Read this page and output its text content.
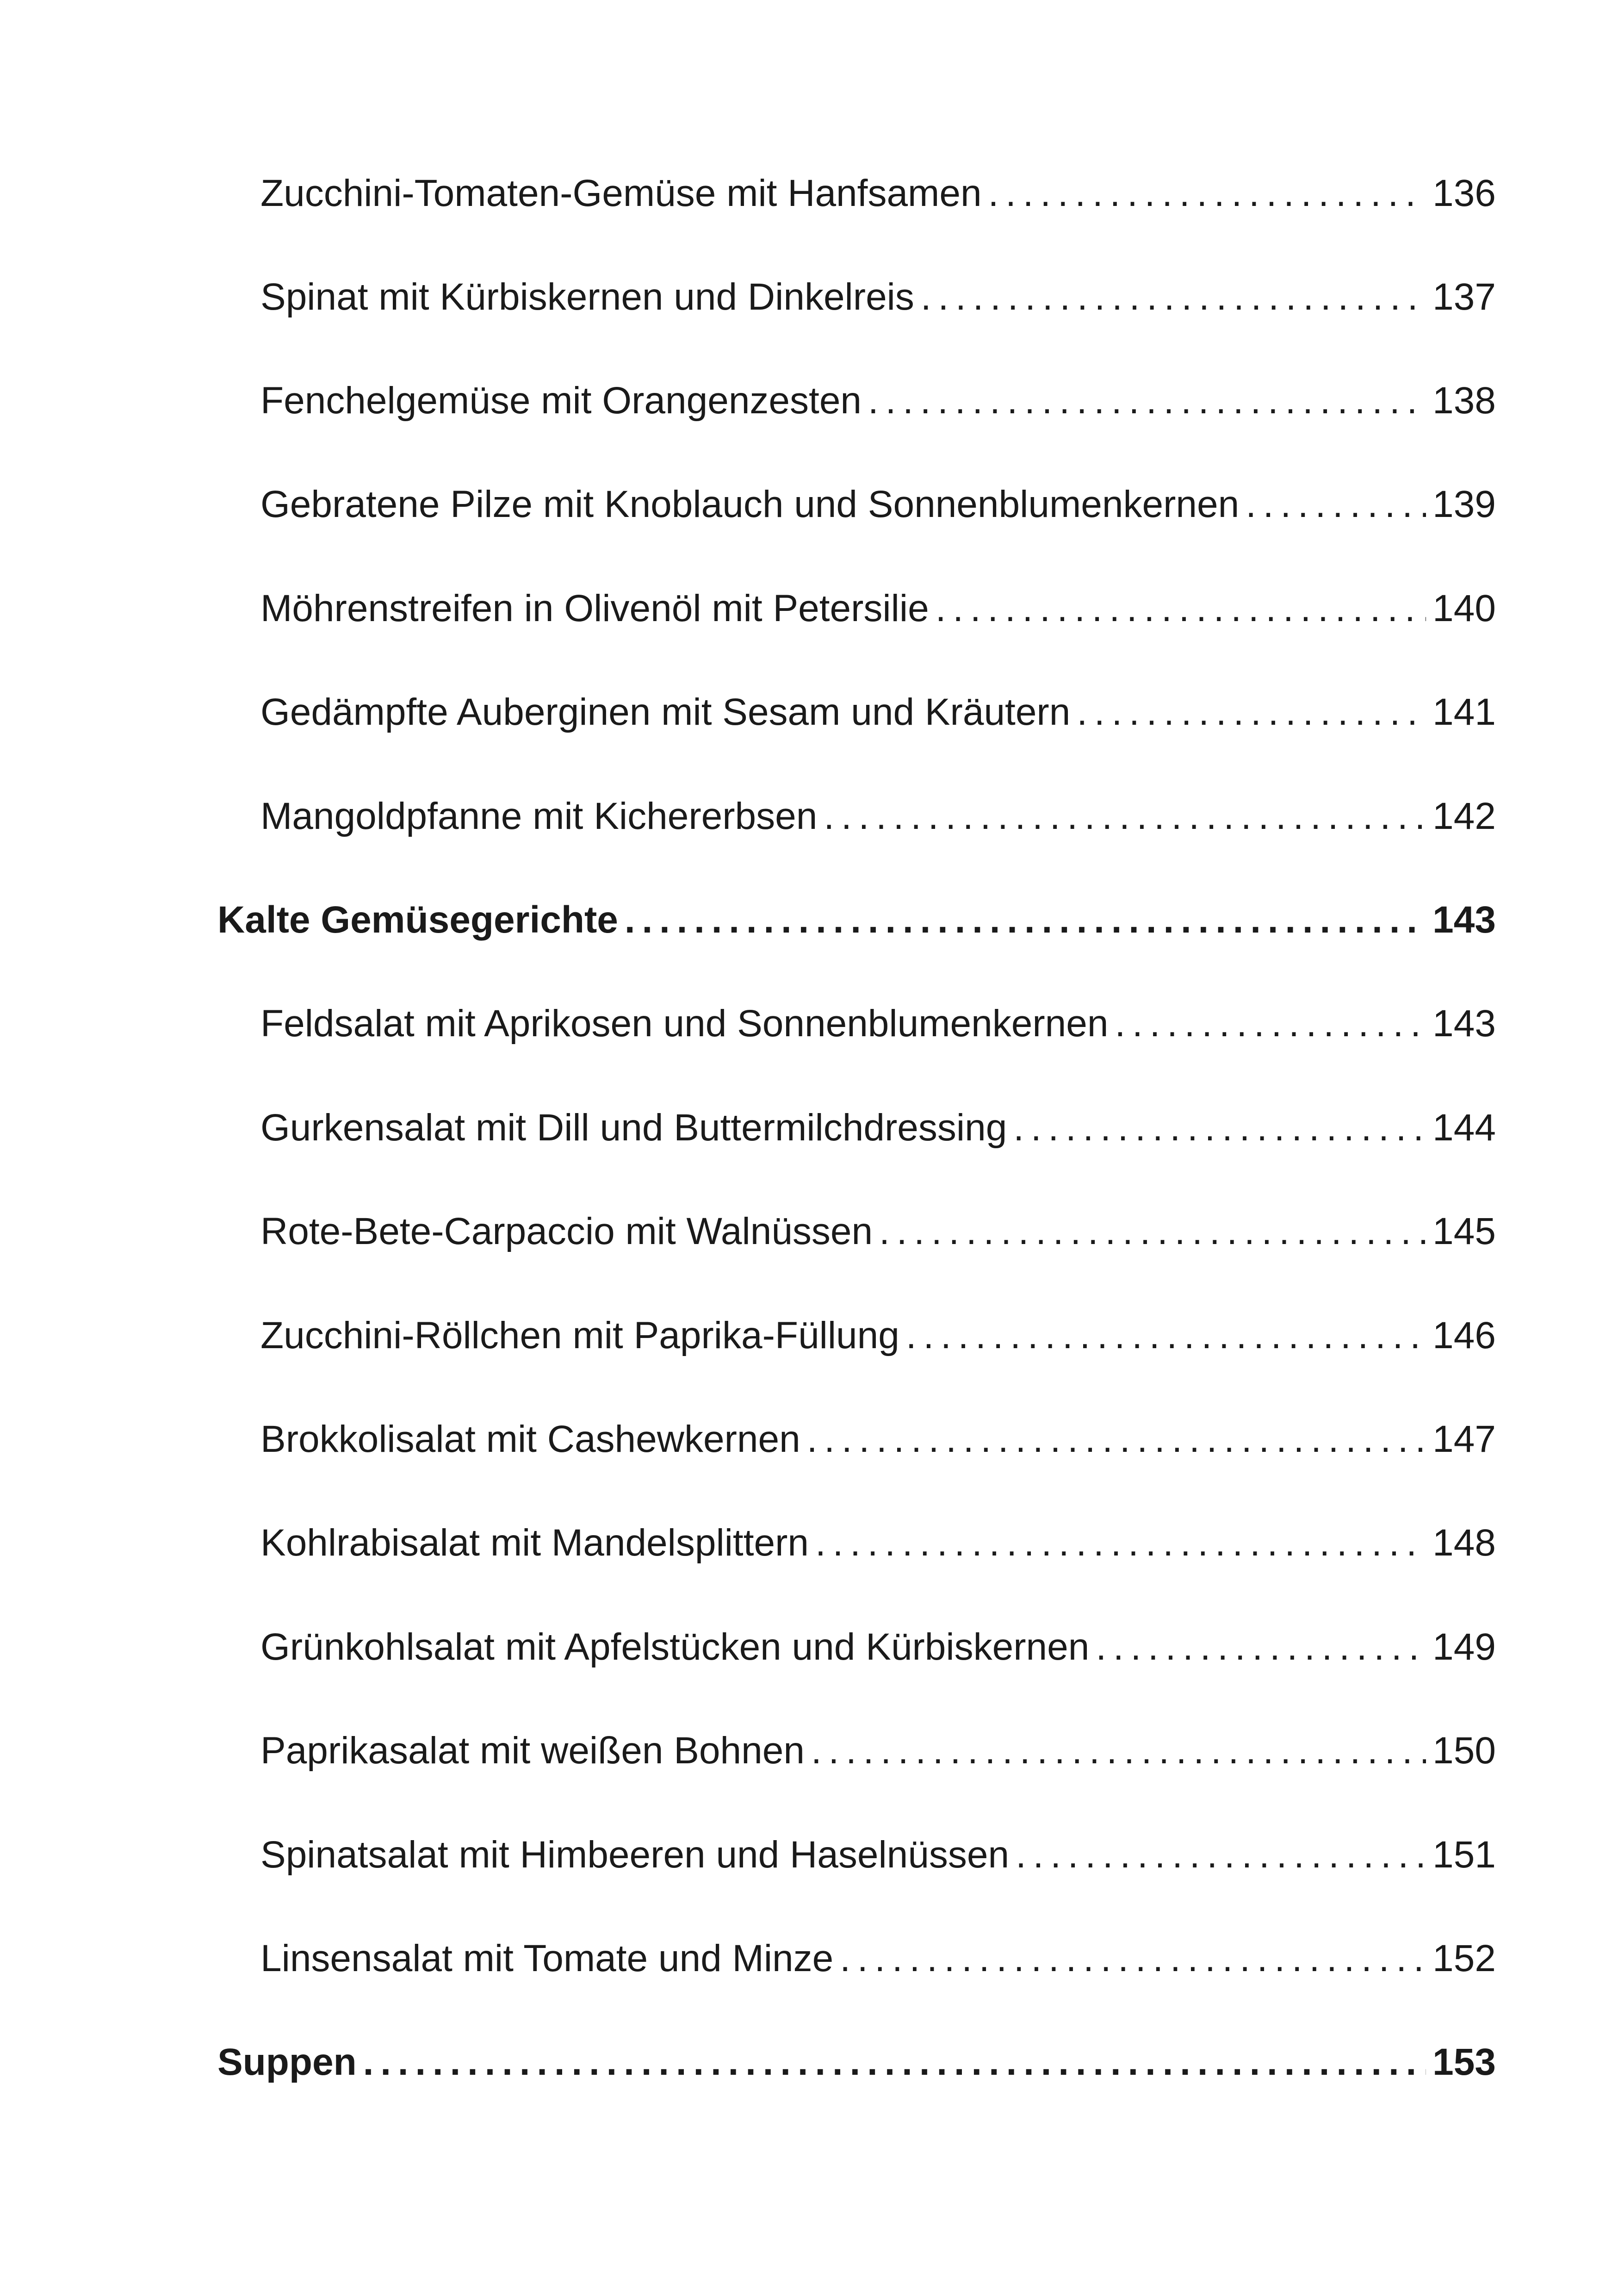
Zucchini-Tomaten-Gemüse mit Hanfsamen . . .	136
Spinat mit Kürbiskernen und Dinkelreis . . .	137
Fenchelgemüse mit Orangenzesten . . .	138
Gebratene Pilze mit Knoblauch und Sonnenblumenkernen . . .	139
Möhrenstreifen in Olivenöl mit Petersilie . . .	140
Gedämpfte Auberginen mit Sesam und Kräutern . . .	141
Mangoldpfanne mit Kichererbsen . . .	142
Kalte Gemüsegerichte . . .	143
Feldsalat mit Aprikosen und Sonnenblumenkernen . . .	143
Gurkensalat mit Dill und Buttermilchdressing . . .	144
Rote-Bete-Carpaccio mit Walnüssen . . .	145
Zucchini-Röllchen mit Paprika-Füllung . . .	146
Brokkolisalat mit Cashewkernen . . .	147
Kohlrabisalat mit Mandelsplittern . . .	148
Grünkohlsalat mit Apfelstücken und Kürbiskernen . . .	149
Paprikasalat mit weißen Bohnen . . .	150
Spinatsalat mit Himbeeren und Haselnüssen . . .	151
Linsensalat mit Tomate und Minze . . .	152
Suppen . . .	153
